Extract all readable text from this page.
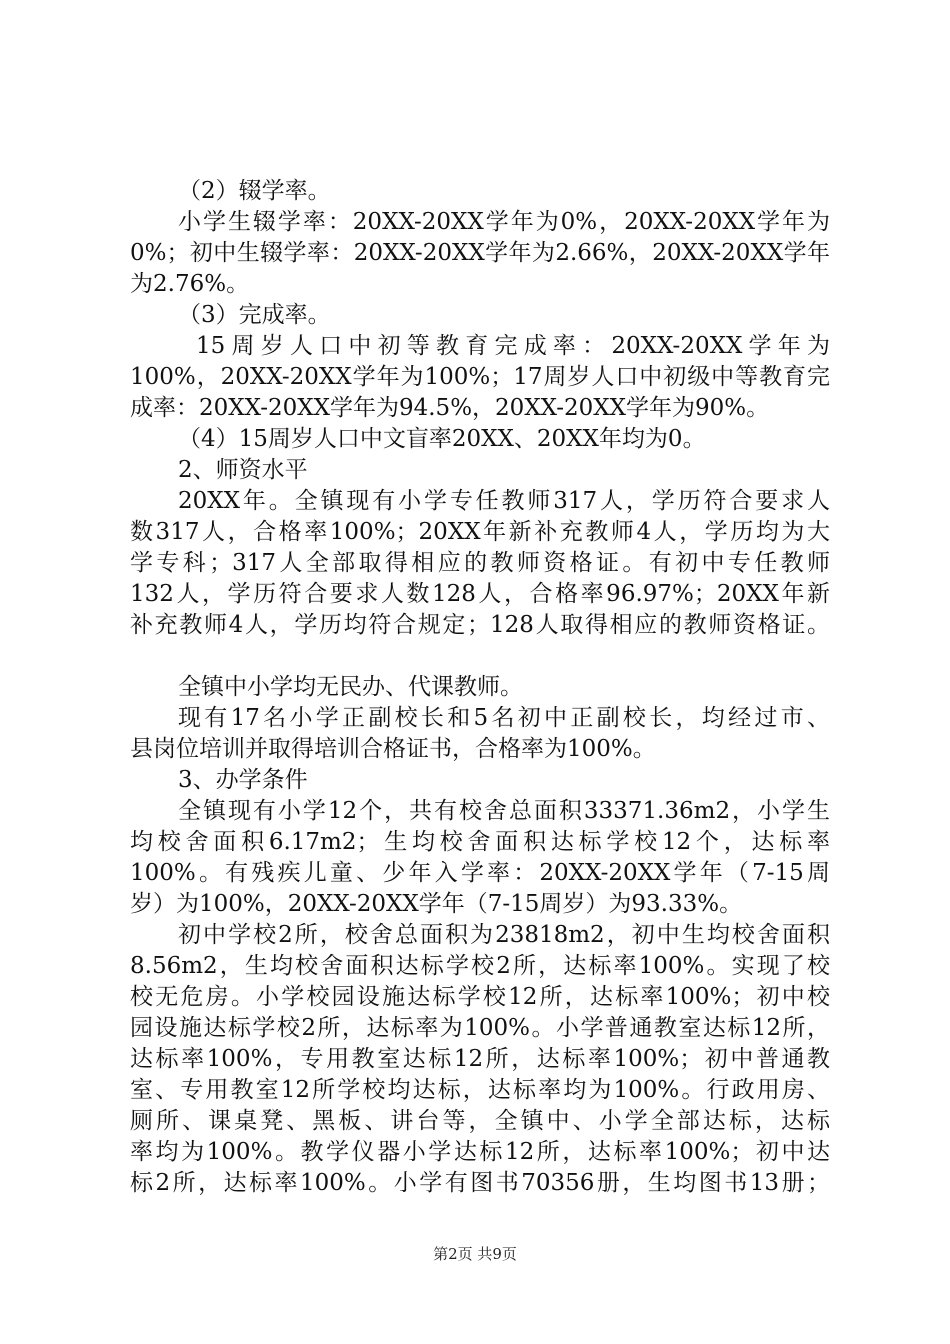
（2）辍学率。
小学生辍学率：20XX-20XX学年为0%，20XX-20XX学年为
0%；初中生辍学率：20XX-20XX学年为2.66%，20XX-20XX学年
为2.76%。
（3）完成率。
15周岁人口中初等教育完成率：20XX-20XX学年为
100%，20XX-20XX学年为100%；17周岁人口中初级中等教育完
成率：20XX-20XX学年为94.5%，20XX-20XX学年为90%。
（4）15周岁人口中文盲率20XX、20XX年均为0。
2、师资水平
20XX年。全镇现有小学专任教师317人，学历符合要求人
数317人，合格率100%；20XX年新补充教师4人，学历均为大
学专科；317人全部取得相应的教师资格证。有初中专任教师
132人，学历符合要求人数128人，合格率96.97%；20XX年新
补充教师4人，学历均符合规定；128人取得相应的教师资格证。
全镇中小学均无民办、代课教师。
现有17名小学正副校长和5名初中正副校长，均经过市、
县岗位培训并取得培训合格证书，合格率为100%。
3、办学条件
全镇现有小学12个，共有校舍总面积33371.36m2，小学生
均校舍面积6.17m2；生均校舍面积达标学校12个，达标率
100%。有残疾儿童、少年入学率：20XX-20XX学年（7-15周
岁）为100%，20XX-20XX学年（7-15周岁）为93.33%。
初中学校2所，校舍总面积为23818m2，初中生均校舍面积
8.56m2，生均校舍面积达标学校2所，达标率100%。实现了校
校无危房。小学校园设施达标学校12所，达标率100%；初中校
园设施达标学校2所，达标率为100%。小学普通教室达标12所，
达标率100%，专用教室达标12所，达标率100%；初中普通教
室、专用教室12所学校均达标，达标率均为100%。行政用房、
厕所、课桌凳、黑板、讲台等，全镇中、小学全部达标，达标
率均为100%。教学仪器小学达标12所，达标率100%；初中达
标2所，达标率100%。小学有图书70356册，生均图书13册；
第2页 共9页
